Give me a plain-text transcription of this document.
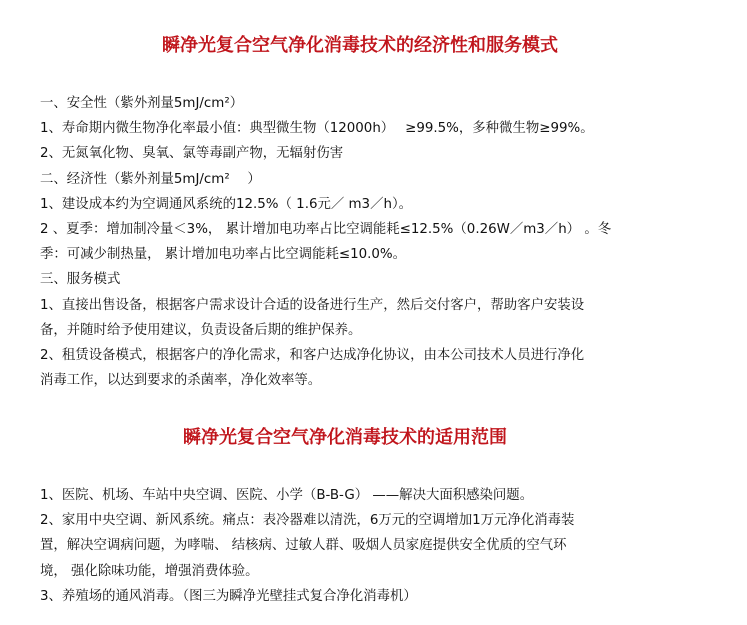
瞬净光复合空气净化消毒技术的经济性和服务模式
一、安全性（紫外剂量5mJ/cm²）
1、寿命期内微生物净化率最小值：典型微生物（12000h）　 ≥99.5%，多种微生物≥99%。
2、无氮氧化物、臭氧、氯等毒副产物，无辐射伤害
二、经济性（紫外剂量5mJ/cm²　 ）
1、建设成本约为空调通风系统的12.5%（ 1.6元／ m3／h）。
2 、夏季：增加制冷量＜3%， 累计增加电功率占比空调能耗≤12.5%（0.26W／m3／h） 。冬
季：可减少制热量， 累计增加电功率占比空调能耗≤10.0%。
三、服务模式
1、直接出售设备，根据客户需求设计合适的设备进行生产，然后交付客户，帮助客户安装设
备，并随时给予使用建议，负责设备后期的维护保养。
2、租赁设备模式，根据客户的净化需求，和客户达成净化协议，由本公司技术人员进行净化
消毒工作，以达到要求的杀菌率，净化效率等。
瞬净光复合空气净化消毒技术的适用范围
1、医院、机场、车站中央空调、医院、小学（B-B-G） ——解决大面积感染问题。
2、家用中央空调、新风系统。痛点：表冷器难以清洗，6万元的空调增加1万元净化消毒装
置，解决空调病问题，为哮喘、 结核病、过敏人群、吸烟人员家庭提供安全优质的空气环
境， 强化除味功能，增强消费体验。
3、养殖场的通风消毒。（图三为瞬净光壁挂式复合净化消毒机）
